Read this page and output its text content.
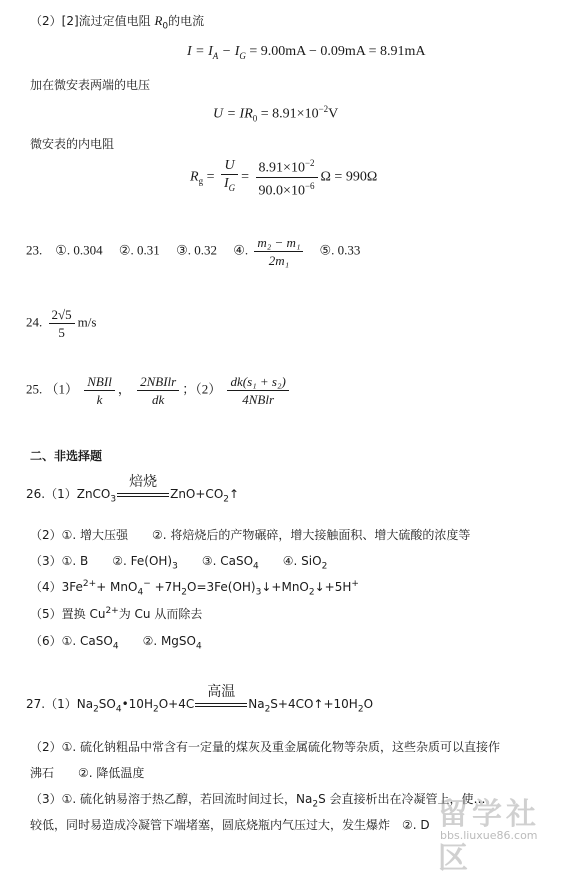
（2）[2]流过定值电阻 $R_0$的电流
$I = I_A - I_G = 9.00mA - 0.09mA = 8.91mA$
加在微安表两端的电压
$U = IR_0 = 8.91\times 10^{-2}V$
微安表的内电阻
$R_g = \frac{U}{I_G} = \frac{8.91\times 10^{-2}}{90.0\times 10^{-6}}$ Ω = 990Ω
23. ①. 0.304 ②. 0.31 ③. 0.32 ④. $\frac{\text{m₂ − m₁}}{\text{2m₁}}$ ⑤. 0.33
24. $\frac{2√5}{5} m/s$
25. $(1) \frac{\text{NBIl}}{k}$ ， $\frac{\text{2NBIlr}}{dk}$ ；$(2) \frac{\text{dk(s₁ + s₂)}}{\text{4NBlr}}$
二、非选择题
26.（1）ZnCO$_3$
焙烧
$ZnO+CO_2↑$
（2）①. 增大压强　　②. 将焙烧后的产物碾碎，增大接触面积、增大硫酸的浓度等
（3）①. B　　②. $Fe(OH)_3$　　③. CaSO$_4$　　④. SiO$_2$
$(4)3Fe^{2+}+ MnO_4^-$ $+7H_2O=3Fe(OH)_3↓+MnO_2↓+5H^+$
（5）置换 $Cu^{2+}$为 Cu 从而除去
（6）①. CaSO$_4$　　②. MgSO$_4$
$27.(1)Na_2SO_4•10H_2O+4C$
高温
$Na_2S+4CO↑+10H_2O$
（2）①. 硫化钠粗品中常含有一定量的煤灰及重金属硫化物等杂质，这些杂质可以直接作
沸石　　②. 降低温度
（3）①. 硫化钠易溶于热乙醇，若回流时间过长，$Na_2S$ 会直接析出在冷凝管上，使…
较低，同时易造成冷凝管下端堵塞，圆底烧瓶内气压过大，发生爆炸　②. D 留学社区
bbs.liuxue86.com
